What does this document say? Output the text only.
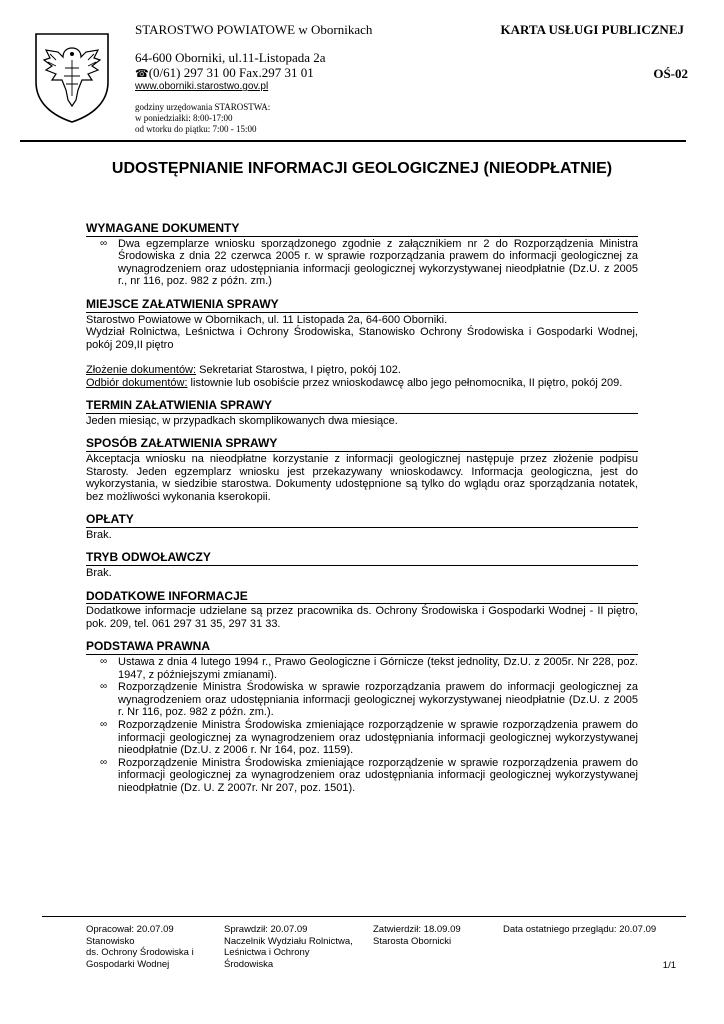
STAROSTWO POWIATOWE w Obornikach	KARTA USŁUGI PUBLICZNEJ
64-600 Oborniki, ul.11-Listopada 2a
☎(0/61) 297 31 00 Fax.297 31 01
www.oborniki.starostwo.gov.pl
OŚ-02
godziny urzędowania STAROSTWA:
w poniedziałki: 8:00-17:00
od wtorku do piątku: 7:00 - 15:00
UDOSTĘPNIANIE INFORMACJI GEOLOGICZNEJ (NIEODPŁATNIE)
WYMAGANE DOKUMENTY
∞ Dwa egzemplarze wniosku sporządzonego zgodnie z załącznikiem nr 2 do Rozporządzenia Ministra Środowiska z dnia 22 czerwca 2005 r. w sprawie rozporządzania prawem do informacji geologicznej za wynagrodzeniem oraz udostępniania informacji geologicznej wykorzystywanej nieodpłatnie (Dz.U. z 2005 r., nr 116, poz. 982 z późn. zm.)
MIEJSCE ZAŁATWIENIA SPRAWY
Starostwo Powiatowe w Obornikach, ul. 11 Listopada 2a, 64-600 Oborniki.
Wydział Rolnictwa, Leśnictwa i Ochrony Środowiska, Stanowisko Ochrony Środowiska i Gospodarki Wodnej, pokój 209,II piętro
Złożenie dokumentów: Sekretariat Starostwa, I piętro, pokój 102.
Odbiór dokumentów: listownie lub osobiście przez wnioskodawcę albo jego pełnomocnika, II piętro, pokój 209.
TERMIN ZAŁATWIENIA SPRAWY
Jeden miesiąc, w przypadkach skomplikowanych dwa miesiące.
SPOSÓB ZAŁATWIENIA SPRAWY
Akceptacja wniosku na nieodpłatne korzystanie z informacji geologicznej następuje przez złożenie podpisu Starosty. Jeden egzemplarz wniosku jest przekazywany wnioskodawcy. Informacja geologiczna, jest do wykorzystania, w siedzibie starostwa. Dokumenty udostępnione są tylko do wglądu oraz sporządzania notatek, bez możliwości wykonania kserokopii.
OPŁATY
Brak.
TRYB ODWOŁAWCZY
Brak.
DODATKOWE INFORMACJE
Dodatkowe informacje udzielane są przez pracownika ds. Ochrony Środowiska i Gospodarki Wodnej - II piętro, pok. 209, tel. 061 297 31 35, 297 31 33.
PODSTAWA PRAWNA
∞ Ustawa z dnia 4 lutego 1994 r., Prawo Geologiczne i Górnicze (tekst jednolity, Dz.U. z 2005r. Nr 228, poz. 1947, z późniejszymi zmianami).
∞ Rozporządzenie Ministra Środowiska w sprawie rozporządzania prawem do informacji geologicznej za wynagrodzeniem oraz udostępniania informacji geologicznej wykorzystywanej nieodpłatnie (Dz.U. z 2005 r. Nr 116, poz. 982 z późn. zm.).
∞ Rozporządzenie Ministra Środowiska zmieniające rozporządzenie w sprawie rozporządzenia prawem do informacji geologicznej za wynagrodzeniem oraz udostępniania informacji geologicznej wykorzystywanej nieodpłatnie (Dz.U. z 2006 r. Nr 164, poz. 1159).
∞ Rozporządzenie Ministra Środowiska zmieniające rozporządzenie w sprawie rozporządzenia prawem do informacji geologicznej za wynagrodzeniem oraz udostępniania informacji geologicznej wykorzystywanej nieodpłatnie (Dz. U. Z 2007r. Nr 207, poz. 1501).
Opracował: 20.07.09
Stanowisko
ds. Ochrony Środowiska i
Gospodarki Wodnej
Sprawdził: 20.07.09
Naczelnik Wydziału Rolnictwa,
Leśnictwa i Ochrony
Środowiska
Zatwierdził: 18.09.09
Starosta Obornicki
Data ostatniego przeglądu: 20.07.09
1/1
